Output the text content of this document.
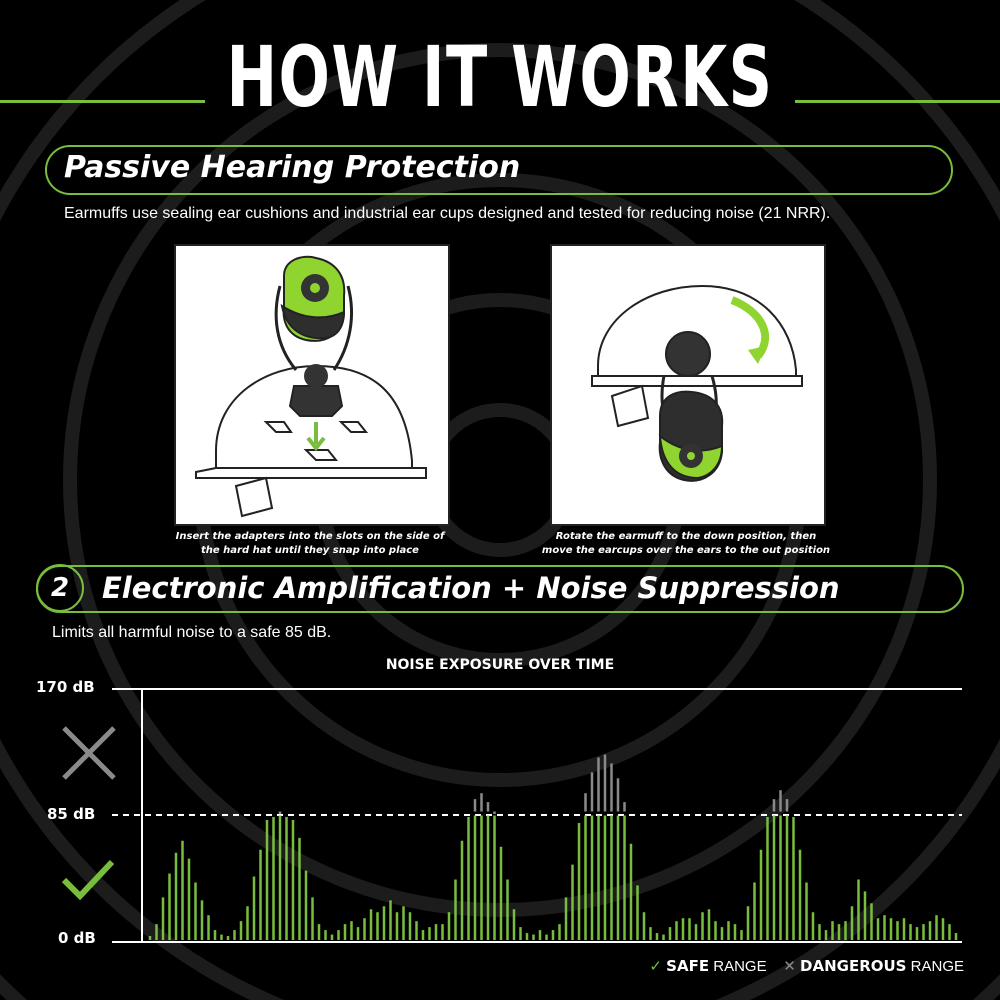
HOW IT WORKS
Passive Hearing Protection
Earmuffs use sealing ear cushions and industrial ear cups designed and tested for reducing noise (21 NRR).
Insert the adapters into the slots on the side of
the hard hat until they snap into place
Rotate the earmuff to the down position, then
move the earcups over the ears to the out position
2	Electronic Amplification + Noise Suppression
Limits all harmful noise to a safe 85 dB.
NOISE EXPOSURE OVER TIME
170 dB
85 dB
0 dB
✓ SAFE RANGE ✕ DANGEROUS RANGE
